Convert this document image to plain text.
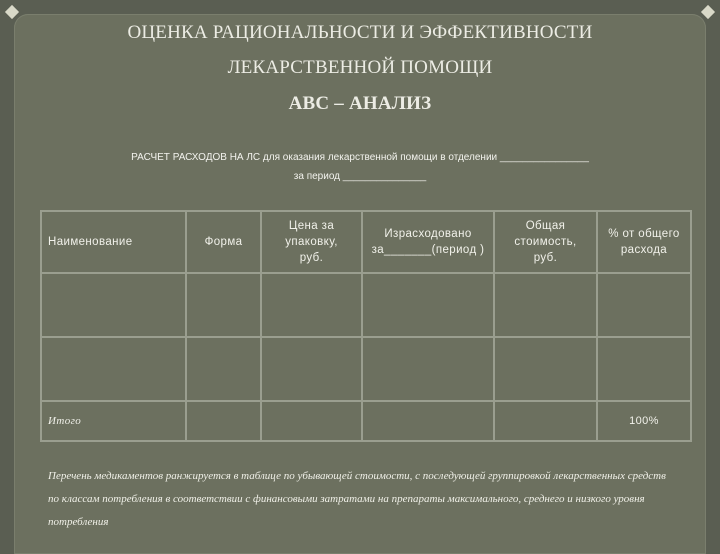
ОЦЕНКА РАЦИОНАЛЬНОСТИ И ЭФФЕКТИВНОСТИ
ЛЕКАРСТВЕННОЙ ПОМОЩИ
ABC – АНАЛИЗ
РАСЧЕТ РАСХОДОВ НА ЛС для оказания лекарственной помощи в отделении ________________
за период _______________
Наименование	Форма	Цена за упаковку, руб.	Израсходовано за_______(период )	Общая стоимость, руб.	% от общего расхода

Итого					100%
Перечень медикаментов ранжируется в таблице по убывающей стоимости, с последующей группировкой лекарственных средств по классам потребления в соответствии с финансовыми затратами на препараты максимального, среднего и низкого уровня потребления
